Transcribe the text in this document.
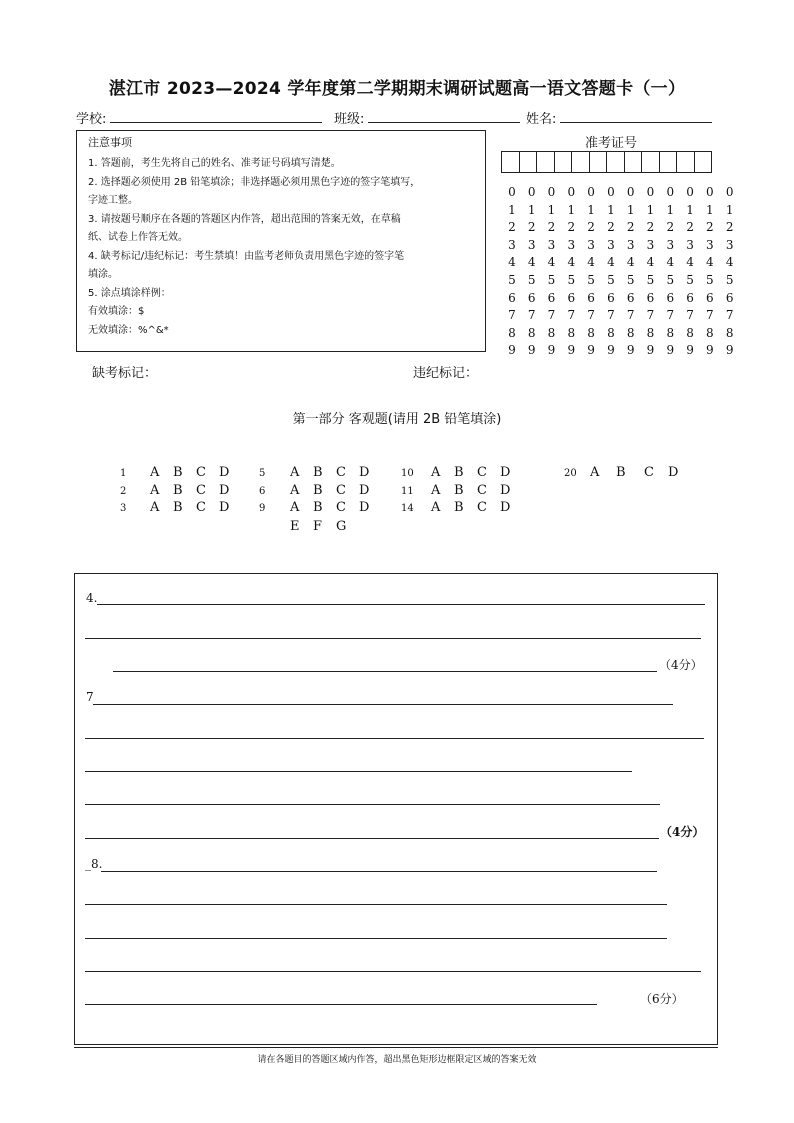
湛江市 2023—2024 学年度第二学期期末调研试题高一语文答题卡（一）
学校:	班级:	姓名:
注意事项
1. 答题前，考生先将自己的姓名、准考证号码填写清楚。
2. 选择题必须使用 2B 铅笔填涂；非选择题必须用黑色字迹的签字笔填写，
字迹工整。
3. 请按题号顺序在各题的答题区内作答，超出范围的答案无效，在草稿
纸、试卷上作答无效。
4. 缺考标记/违纪标记：考生禁填！由监考老师负责用黑色字迹的签字笔
填涂。
5. 涂点填涂样例：
有效填涂：$
无效填涂：%^&*
准考证号
0	0	0	0	0	0	0	0	0	0	0	0
1	1	1	1	1	1	1	1	1	1	1	1
2	2	2	2	2	2	2	2	2	2	2	2
3	3	3	3	3	3	3	3	3	3	3	3
4	4	4	4	4	4	4	4	4	4	4	4
5	5	5	5	5	5	5	5	5	5	5	5
6	6	6	6	6	6	6	6	6	6	6	6
7	7	7	7	7	7	7	7	7	7	7	7
8	8	8	8	8	8	8	8	8	8	8	8
9	9	9	9	9	9	9	9	9	9	9	9
缺考标记：	违纪标记：
第一部分 客观题(请用 2B 铅笔填涂)
1 A B C D
2 A B C D
3 A B C D
5 A B C D
6 A B C D
9 A B C D
E F G
10 A B C D
11 A B C D
14 A B C D
20 A B C D
4.
（4分）
7
（4分）
_8.
（6分）
请在各题目的答题区域内作答，超出黑色矩形边框限定区域的答案无效
